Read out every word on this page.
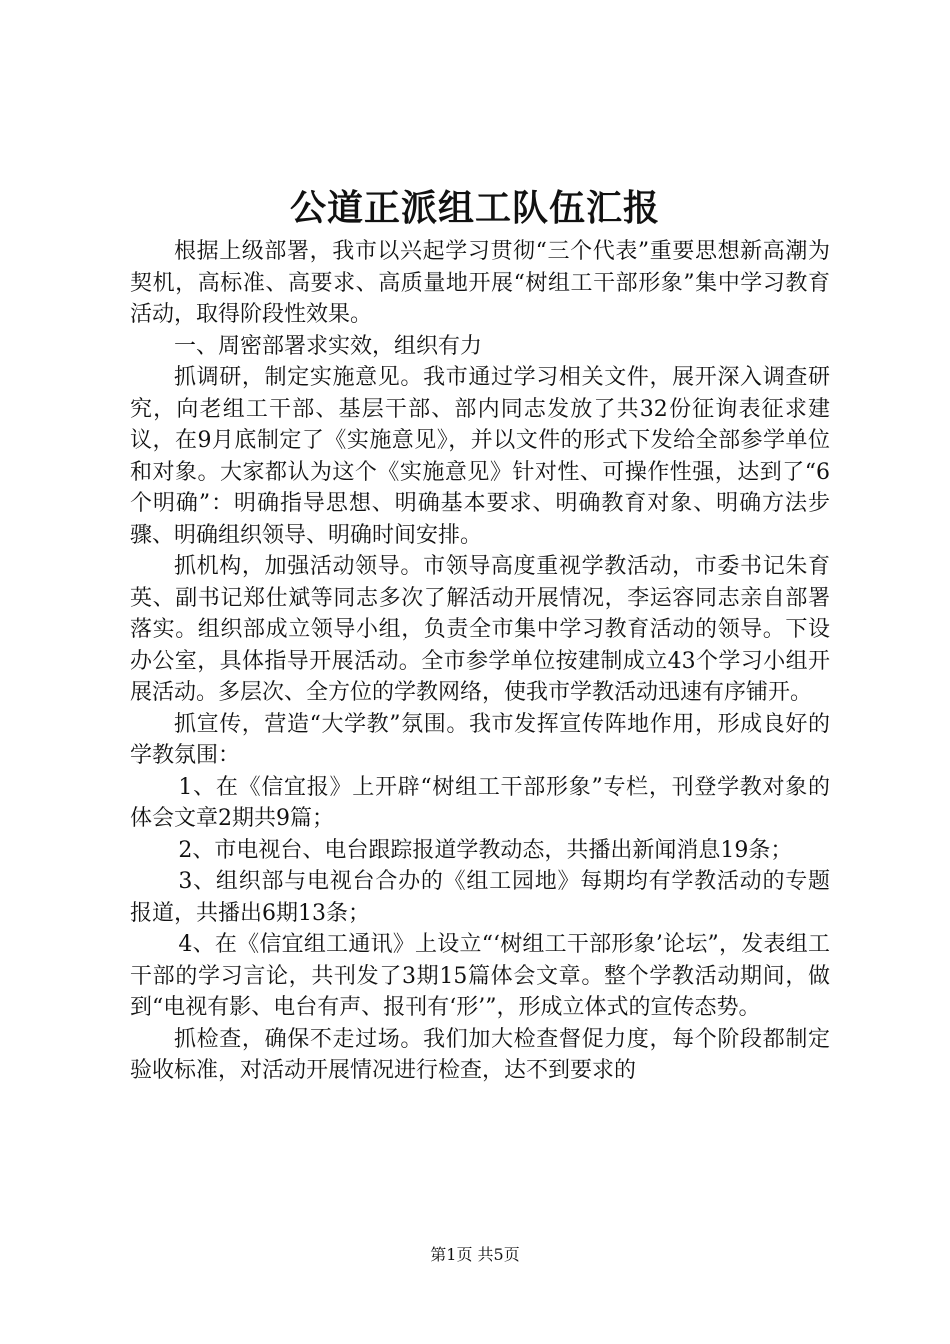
公道正派组工队伍汇报

根据上级部署，我市以兴起学习贯彻“三个代表”重要思想新高潮为契机，高标准、高要求、高质量地开展“树组工干部形象”集中学习教育活动，取得阶段性效果。

一、周密部署求实效，组织有力

抓调研，制定实施意见。我市通过学习相关文件，展开深入调查研究，向老组工干部、基层干部、部内同志发放了共32份征询表征求建议，在9月底制定了《实施意见》，并以文件的形式下发给全部参学单位和对象。大家都认为这个《实施意见》针对性、可操作性强，达到了“6个明确”：明确指导思想、明确基本要求、明确教育对象、明确方法步骤、明确组织领导、明确时间安排。

抓机构，加强活动领导。市领导高度重视学教活动，市委书记朱育英、副书记郑仕斌等同志多次了解活动开展情况，李运容同志亲自部署落实。组织部成立领导小组，负责全市集中学习教育活动的领导。下设办公室，具体指导开展活动。全市参学单位按建制成立43个学习小组开展活动。多层次、全方位的学教网络，使我市学教活动迅速有序铺开。

抓宣传，营造“大学教”氛围。我市发挥宣传阵地作用，形成良好的学教氛围：

1、在《信宜报》上开辟“树组工干部形象”专栏，刊登学教对象的体会文章2期共9篇；

2、市电视台、电台跟踪报道学教动态，共播出新闻消息19条；

3、组织部与电视台合办的《组工园地》每期均有学教活动的专题报道，共播出6期13条；

4、在《信宜组工通讯》上设立“‘树组工干部形象’论坛”，发表组工干部的学习言论，共刊发了3期15篇体会文章。整个学教活动期间，做到“电视有影、电台有声、报刊有‘形’”，形成立体式的宣传态势。

抓检查，确保不走过场。我们加大检查督促力度，每个阶段都制定验收标准，对活动开展情况进行检查，达不到要求的

第1页 共5页
